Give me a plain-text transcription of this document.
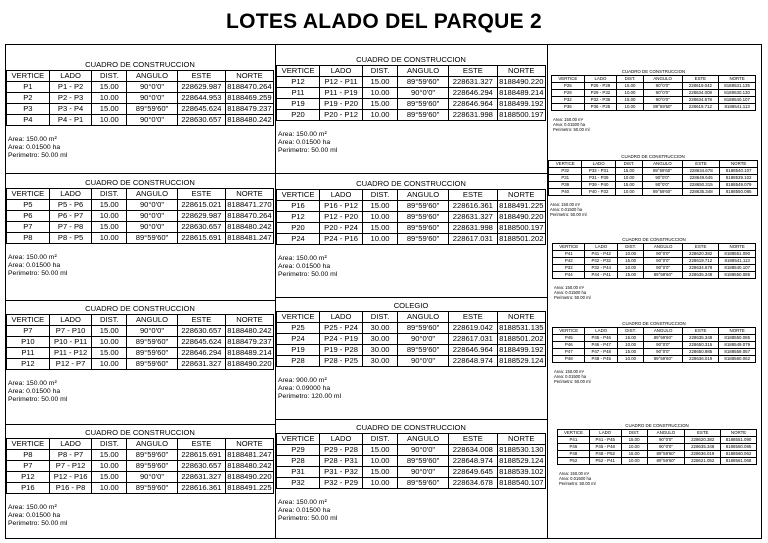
LOTES ALADO DEL PARQUE 2
CUADRO DE CONSTRUCCION					
VERTICE	LADO	DIST.	ANGULO	ESTE	NORTE
P1	P1 - P2	15.00	90°0'0"	228629.987	8188470.264
P2	P2 - P3	10.00	90°0'0"	228644.953	8188469.259
P3	P3 - P4	15.00	89°59'60"	228645.624	8188479.237
P4	P4 - P1	10.00	90°0'0"	228630.657	8188480.242
Area: 150.00 m²
Area: 0.01500 ha
Perimetro: 50.00 ml
CUADRO DE CONSTRUCCION					
VERTICE	LADO	DIST.	ANGULO	ESTE	NORTE
P5	P5 - P6	15.00	90°0'0"	228615.021	8188471.270
P6	P6 - P7	10.00	90°0'0"	228629.987	8188470.264
P7	P7 - P8	15.00	90°0'0"	228630.657	8188480.242
P8	P8 - P5	10.00	89°59'60"	228615.691	8188481.247
Area: 150.00 m²
Area: 0.01500 ha
Perimetro: 50.00 ml
CUADRO DE CONSTRUCCION					
VERTICE	LADO	DIST.	ANGULO	ESTE	NORTE
P7	P7 - P10	15.00	90°0'0"	228630.657	8188480.242
P10	P10 - P11	10.00	89°59'60"	228645.624	8188479.237
P11	P11 - P12	15.00	89°59'60"	228646.294	8188489.214
P12	P12 - P7	10.00	89°59'60"	228631.327	8188490.220
Area: 150.00 m²
Area: 0.01500 ha
Perimetro: 50.00 ml
CUADRO DE CONSTRUCCION					
VERTICE	LADO	DIST.	ANGULO	ESTE	NORTE
P8	P8 - P7	15.00	89°59'60"	228615.691	8188481.247
P7	P7 - P12	10.00	89°59'60"	228630.657	8188480.242
P12	P12 - P16	15.00	90°0'0"	228631.327	8188490.220
P16	P16 - P8	10.00	89°59'60"	228616.361	8188491.225
Area: 150.00 m²
Area: 0.01500 ha
Perimetro: 50.00 ml
CUADRO DE CONSTRUCCION					
VERTICE	LADO	DIST.	ANGULO	ESTE	NORTE
P12	P12 - P11	15.00	89°59'60"	228631.327	8188490.220
P11	P11 - P19	10.00	90°0'0"	228646.294	8188489.214
P19	P19 - P20	15.00	89°59'60"	228646.964	8188499.192
P20	P20 - P12	10.00	89°59'60"	228631.998	8188500.197
Area: 150.00 m²
Area: 0.01500 ha
Perimetro: 50.00 ml
CUADRO DE CONSTRUCCION					
VERTICE	LADO	DIST.	ANGULO	ESTE	NORTE
P16	P16 - P12	15.00	89°59'60"	228616.361	8188491.225
P12	P12 - P20	10.00	89°59'60"	228631.327	8188490.220
P20	P20 - P24	15.00	89°59'60"	228631.998	8188500.197
P24	P24 - P16	10.00	89°59'60"	228617.031	8188501.202
Area: 150.00 m²
Area: 0.01500 ha
Perimetro: 50.00 ml
COLEGIO					
VERTICE	LADO	DIST.	ANGULO	ESTE	NORTE
P25	P25 - P24	30.00	89°59'60"	228619.042	8188531.135
P24	P24 - P19	30.00	90°0'0"	228617.031	8188501.202
P19	P19 - P28	30.00	89°59'60"	228646.964	8188499.192
P28	P28 - P25	30.00	90°0'0"	228648.974	8188529.124
Area: 900.00 m²
Area: 0.09000 ha
Perimetro: 120.00 ml
CUADRO DE CONSTRUCCION					
VERTICE	LADO	DIST.	ANGULO	ESTE	NORTE
P29	P29 - P28	15.00	90°0'0"	228634.008	8188530.130
P28	P28 - P31	10.00	89°59'60"	228648.974	8188529.124
P31	P31 - P32	15.00	90°0'0"	228649.645	8188539.102
P32	P32 - P29	10.00	89°59'60"	228634.678	8188540.107
Area: 150.00 m²
Area: 0.01500 ha
Perimetro: 50.00 ml
CUADRO DE CONSTRUCCION					
VERTICE	LADO	DIST.	ANGULO	ESTE	NORTE
P25	P25 - P29	15.00	90°0'0"	228619.042	8188531.135
P29	P29 - P32	10.00	90°0'0"	228634.008	8188530.130
P32	P32 - P36	15.00	90°0'0"	228634.678	8188540.107
P36	P36 - P25	10.00	89°59'60"	228619.712	8188541.113
Area: 150.00 m²
Area: 0.01500 ha
Perimetro: 50.00 ml
CUADRO DE CONSTRUCCION					
VERTICE	LADO	DIST.	ANGULO	ESTE	NORTE
P32	P32 - P31	15.00	89°59'60"	228634.678	8188540.107
P31	P31 - P39	10.00	90°0'0"	228649.645	8188539.102
P39	P39 - P40	15.00	90°0'0"	228650.315	8188549.079
P40	P40 - P32	10.00	89°59'60"	228635.348	8188550.085
Area: 150.00 m²
Area: 0.01500 ha
Perimetro: 50.00 ml
CUADRO DE CONSTRUCCION					
VERTICE	LADO	DIST.	ANGULO	ESTE	NORTE
P41	P41 - P42	10.00	90°0'0"	228620.382	8188551.090
P42	P42 - P32	15.00	90°0'0"	228619.712	8188541.113
P32	P32 - P44	10.00	90°0'0"	228634.678	8188540.107
P44	P44 - P41	15.00	89°59'60"	228635.348	8188550.085
Area: 150.00 m²
Area: 0.01500 ha
Perimetro: 50.00 ml
CUADRO DE CONSTRUCCION					
VERTICE	LADO	DIST.	ANGULO	ESTE	NORTE
P45	P45 - P46	15.00	89°59'60"	228635.348	8188550.085
P46	P46 - P47	10.00	90°0'0"	228650.315	8188549.079
P47	P47 - P48	15.00	90°0'0"	228650.985	8188559.057
P48	P48 - P45	10.00	89°59'60"	228636.019	8188560.062
Area: 150.00 m²
Area: 0.01500 ha
Perimetro: 50.00 ml
CUADRO DE CONSTRUCCION					
VERTICE	LADO	DIST.	ANGULO	ESTE	NORTE
P41	P41 - P45	15.00	90°0'0"	228620.382	8188551.090
P45	P45 - P48	10.00	90°0'0"	228635.348	8188550.085
P48	P48 - P52	15.00	89°59'60"	228636.019	8188560.062
P52	P52 - P41	10.00	89°59'60"	228621.052	8188561.068
Area: 150.00 m²
Area: 0.01500 ha
Perimetro: 50.00 ml
